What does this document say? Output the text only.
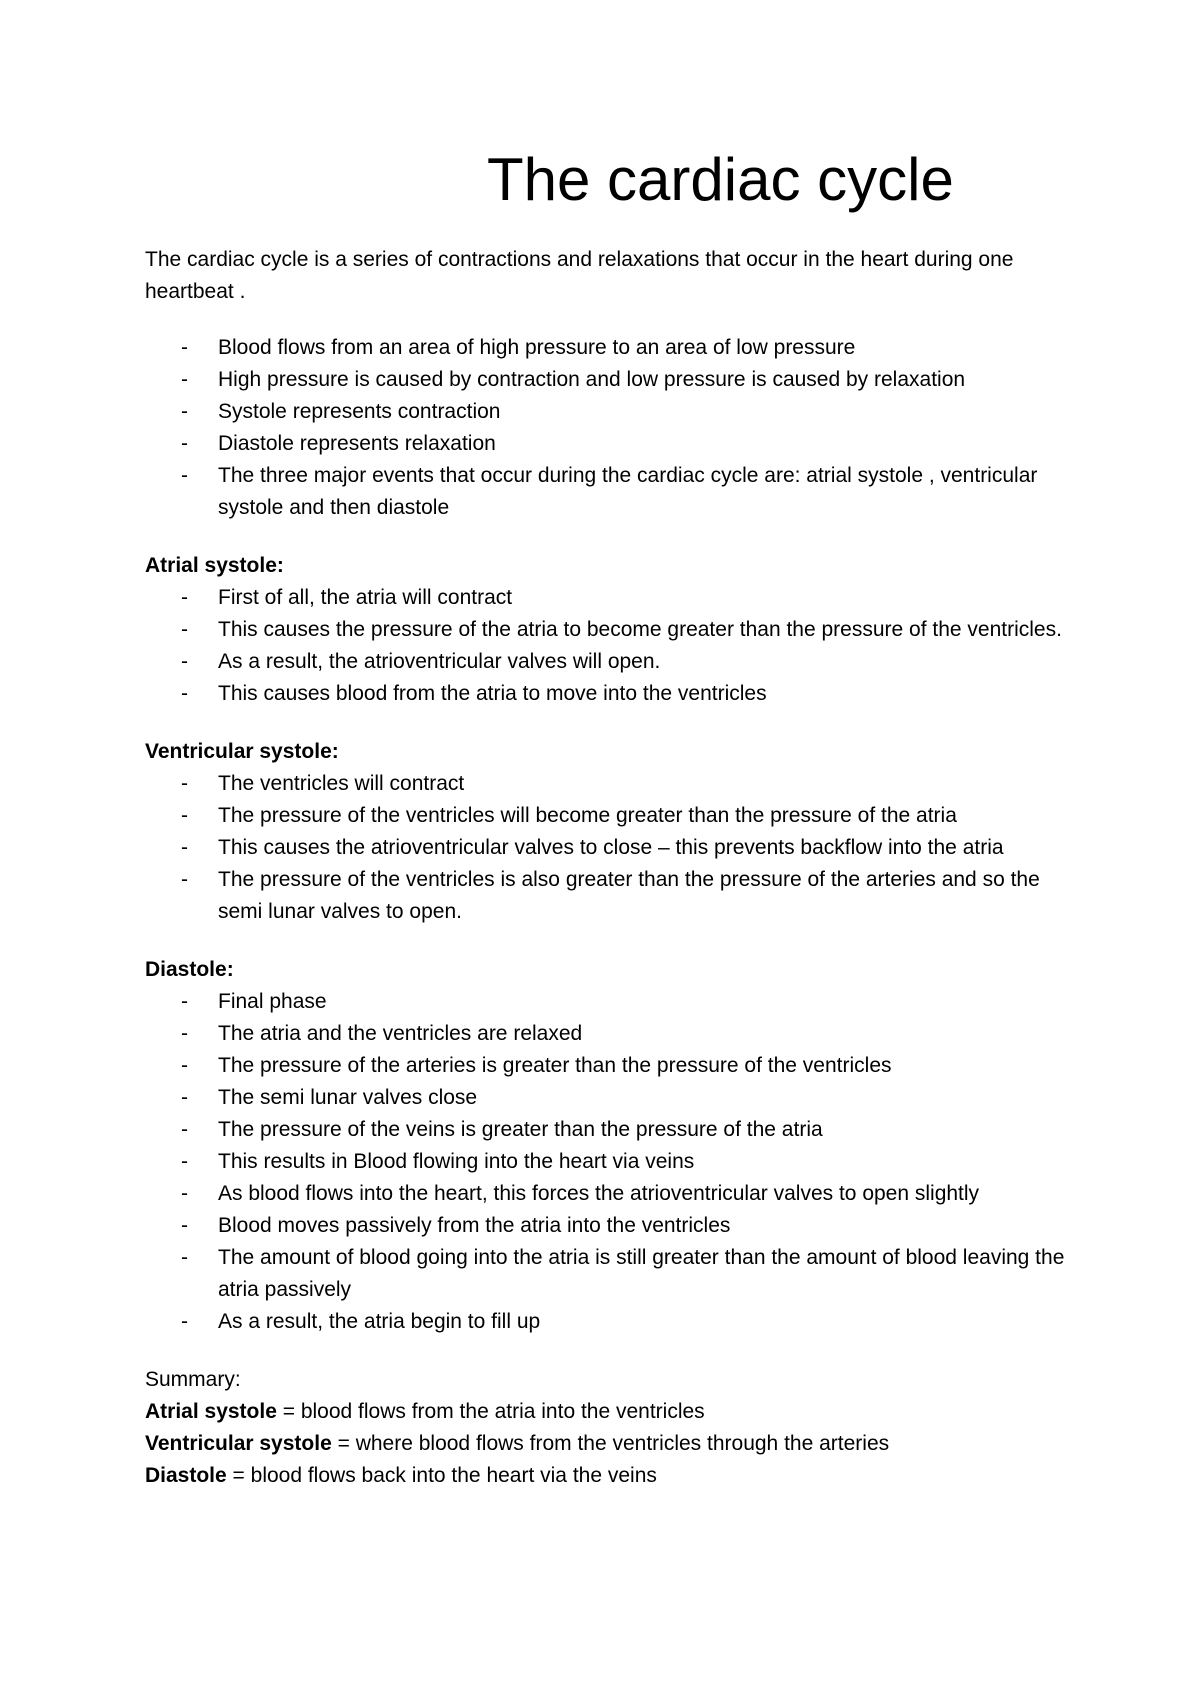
The cardiac cycle

The cardiac cycle is a series of contractions and relaxations that occur in the heart during one heartbeat .

- Blood flows from an area of high pressure to an area of low pressure
- High pressure is caused by contraction and low pressure is caused by relaxation
- Systole represents contraction
- Diastole represents relaxation
- The three major events that occur during the cardiac cycle are: atrial systole , ventricular systole and then diastole

Atrial systole:

- First of all, the atria will contract
- This causes the pressure of the atria to become greater than the pressure of the ventricles.
- As a result, the atrioventricular valves will open.
- This causes blood from the atria to move into the ventricles

Ventricular systole:

- The ventricles will contract
- The pressure of the ventricles will become greater than the pressure of the atria
- This causes the atrioventricular valves to close – this prevents backflow into the atria
- The pressure of the ventricles is also greater than the pressure of the arteries and so the semi lunar valves to open.

Diastole:

- Final phase
- The atria and the ventricles are relaxed
- The pressure of the arteries is greater than the pressure of the ventricles
- The semi lunar valves close
- The pressure of the veins is greater than the pressure of the atria
- This results in Blood flowing into the heart via veins
- As blood flows into the heart, this forces the atrioventricular valves to open slightly
- Blood moves passively from the atria into the ventricles
- The amount of blood going into the atria is still greater than the amount of blood leaving the atria passively
- As a result, the atria begin to fill up

Summary:

Atrial systole = blood flows from the atria into the ventricles

Ventricular systole = where blood flows from the ventricles through the arteries

Diastole = blood flows back into the heart via the veins
